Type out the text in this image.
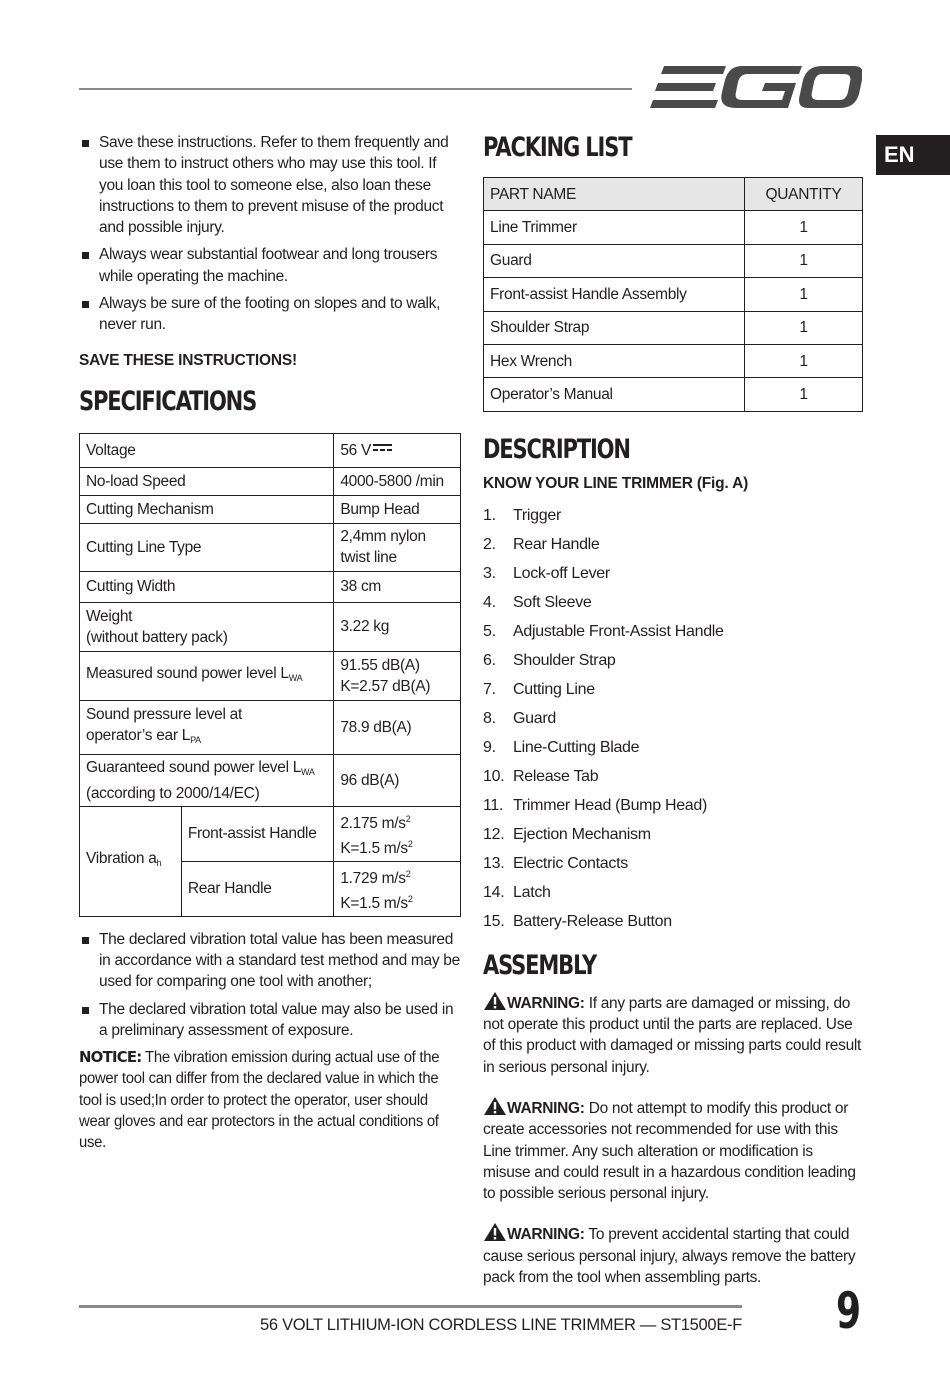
EN
Save these instructions. Refer to them frequently and use them to instruct others who may use this tool. If you loan this tool to someone else, also loan these instructions to them to prevent misuse of the product and possible injury.
Always wear substantial footwear and long trousers while operating the machine.
Always be sure of the footing on slopes and to walk, never run.
SAVE THESE INSTRUCTIONS!
SPECIFICATIONS
Voltage		56 V
No-load Speed		4000-5800 /min
Cutting Mechanism		Bump Head
Cutting Line Type		2,4mm nylon
twist line

Cutting Width		38 cm

Weight
(without battery pack)		3.22 kg
Measured sound power level $L_{WA}$		91.55 dB(A)
K=2.57 dB(A)

Sound pressure level at
operator’s ear $L_{PA}$		78.9 dB(A)

Guaranteed sound power level $L_{WA}$
(according to 2000/14/EC)		96 dB(A)
Vibration $a_h$	Front-assist Handle	2.175 $m/s^2$
K=1.5 $m/s^2$

	Rear Handle	1.729 $m/s^2$
K=1.5 $m/s^2$
The declared vibration total value has been measured in accordance with a standard test method and may be used for comparing one tool with another;
The declared vibration total value may also be used in a preliminary assessment of exposure.

NOTICE: The vibration emission during actual use of the power tool can differ from the declared value in which the tool is used;In order to protect the operator, user should wear gloves and ear protectors in the actual conditions of use.

PACKING LIST
PART NAME	QUANTITY
Line Trimmer	1
Guard	1
Front-assist Handle Assembly	1
Shoulder Strap	1
Hex Wrench	1
Operator’s Manual	1
DESCRIPTION
KNOW YOUR LINE TRIMMER (Fig. A)
1. Trigger
2. Rear Handle
3. Lock-off Lever
4. Soft Sleeve
5. Adjustable Front-Assist Handle
6. Shoulder Strap
7. Cutting Line
8. Guard
9. Line-Cutting Blade
10. Release Tab
11. Trimmer Head (Bump Head)
12. Ejection Mechanism
13. Electric Contacts
14. Latch
15. Battery-Release Button
ASSEMBLY

WARNING: If any parts are damaged or missing, do not operate this product until the parts are replaced. Use of this product with damaged or missing parts could result in serious personal injury.

WARNING: Do not attempt to modify this product or create accessories not recommended for use with this Line trimmer. Any such alteration or modification is misuse and could result in a hazardous condition leading to possible serious personal injury.

WARNING: To prevent accidental starting that could cause serious personal injury, always remove the battery pack from the tool when assembling parts.

56 VOLT LITHIUM-ION CORDLESS LINE TRIMMER — ST1500E-F 9
